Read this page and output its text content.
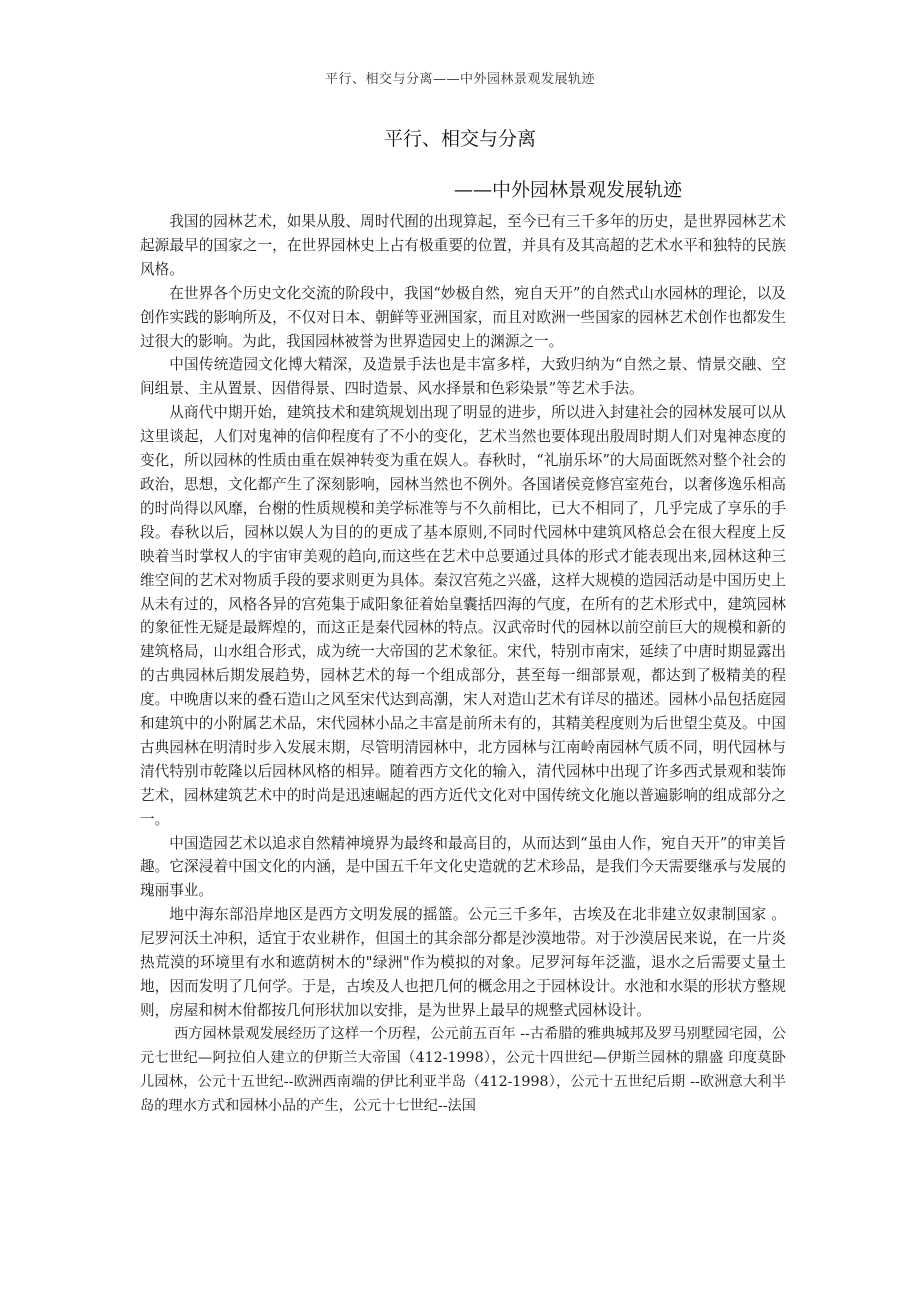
平行、相交与分离——中外园林景观发展轨迹
平行、相交与分离
——中外园林景观发展轨迹

我国的园林艺术，如果从殷、周时代囿的出现算起，至今已有三千多年的历史，是世界园林艺术起源最早的国家之一，在世界园林史上占有极重要的位置，并具有及其高超的艺术水平和独特的民族风格。

在世界各个历史文化交流的阶段中，我国“妙极自然，宛自天开”的自然式山水园林的理论，以及创作实践的影响所及，不仅对日本、朝鲜等亚洲国家，而且对欧洲一些国家的园林艺术创作也都发生过很大的影响。为此，我国园林被誉为世界造园史上的渊源之一。

中国传统造园文化博大精深，及造景手法也是丰富多样，大致归纳为“自然之景、情景交融、空间组景、主从置景、因借得景、四时造景、风水择景和色彩染景”等艺术手法。

从商代中期开始，建筑技术和建筑规划出现了明显的进步，所以进入封建社会的园林发展可以从这里谈起，人们对鬼神的信仰程度有了不小的变化，艺术当然也要体现出殷周时期人们对鬼神态度的变化，所以园林的性质由重在娱神转变为重在娱人。春秋时，“礼崩乐坏”的大局面既然对整个社会的政治，思想，文化都产生了深刻影响，园林当然也不例外。各国诸侯竞修宫室苑台，以奢侈逸乐相高的时尚得以风靡，台榭的性质规模和美学标准等与不久前相比，已大不相同了，几乎完成了享乐的手段。春秋以后，园林以娱人为目的的更成了基本原则,不同时代园林中建筑风格总会在很大程度上反映着当时掌权人的宇宙审美观的趋向,而这些在艺术中总要通过具体的形式才能表现出来,园林这种三维空间的艺术对物质手段的要求则更为具体。秦汉宫苑之兴盛，这样大规模的造园活动是中国历史上从未有过的，风格各异的宫苑集于咸阳象征着始皇囊括四海的气度，在所有的艺术形式中，建筑园林的象征性无疑是最辉煌的，而这正是秦代园林的特点。汉武帝时代的园林以前空前巨大的规模和新的建筑格局，山水组合形式，成为统一大帝国的艺术象征。宋代，特别市南宋，延续了中唐时期显露出的古典园林后期发展趋势，园林艺术的每一个组成部分，甚至每一细部景观，都达到了极精美的程度。中晚唐以来的叠石造山之风至宋代达到高潮，宋人对造山艺术有详尽的描述。园林小品包括庭园和建筑中的小附属艺术品，宋代园林小品之丰富是前所未有的，其精美程度则为后世望尘莫及。中国古典园林在明清时步入发展末期，尽管明清园林中，北方园林与江南岭南园林气质不同，明代园林与清代特别市乾隆以后园林风格的相异。随着西方文化的输入，清代园林中出现了许多西式景观和装饰艺术，园林建筑艺术中的时尚是迅速崛起的西方近代文化对中国传统文化施以普遍影响的组成部分之一。

中国造园艺术以追求自然精神境界为最终和最高目的，从而达到“虽由人作，宛自天开”的审美旨趣。它深浸着中国文化的内涵，是中国五千年文化史造就的艺术珍品，是我们今天需要继承与发展的瑰丽事业。

地中海东部沿岸地区是西方文明发展的摇篮。公元三千多年，古埃及在北非建立奴隶制国家 。尼罗河沃土冲积，适宜于农业耕作，但国土的其余部分都是沙漠地带。对于沙漠居民来说，在一片炎热荒漠的环境里有水和遮荫树木的"绿洲"作为模拟的对象。尼罗河每年泛滥，退水之后需要丈量土地，因而发明了几何学。于是，古埃及人也把几何的概念用之于园林设计。水池和水渠的形状方整规则，房屋和树木佾都按几何形状加以安排，是为世界上最早的规整式园林设计。

西方园林景观发展经历了这样一个历程，公元前五百年 --古希腊的雅典城邦及罗马别墅园宅园，公元七世纪—阿拉伯人建立的伊斯兰大帝国（412-1998），公元十四世纪—伊斯兰园林的鼎盛 印度莫卧儿园林，公元十五世纪--欧洲西南端的伊比利亚半岛（412-1998），公元十五世纪后期 --欧洲意大利半岛的理水方式和园林小品的产生，公元十七世纪--法国
